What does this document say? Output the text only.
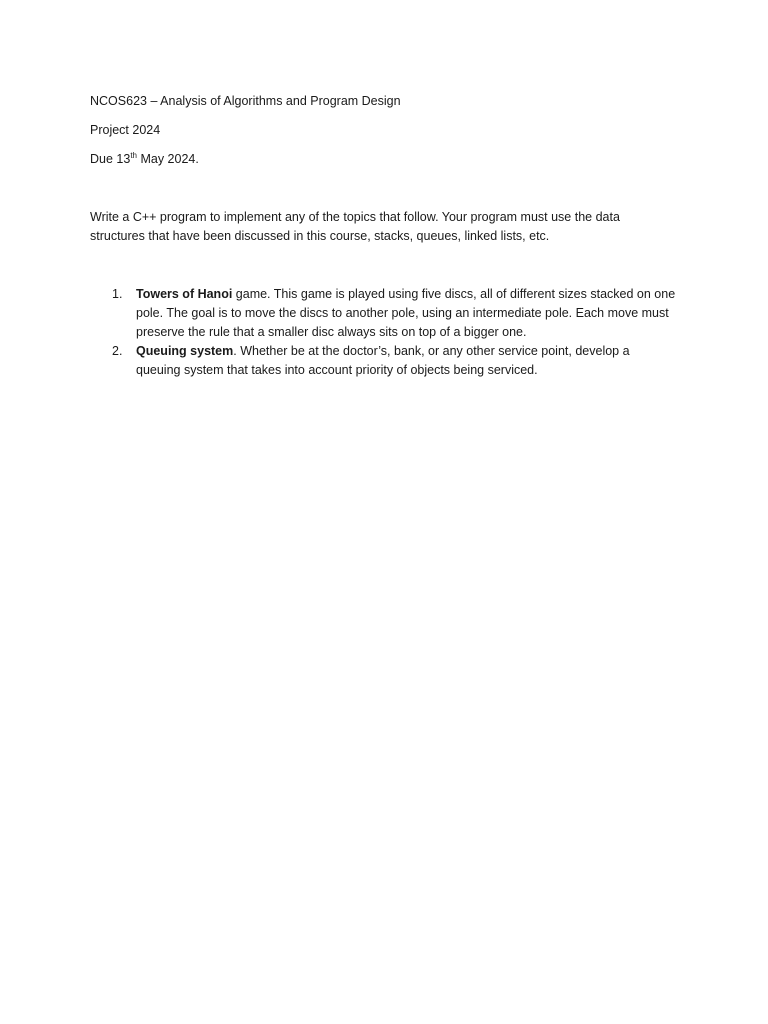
NCOS623 – Analysis of Algorithms and Program Design
Project 2024
Due 13th May 2024.
Write a C++ program to implement any of the topics that follow. Your program must use the data
structures that have been discussed in this course, stacks, queues, linked lists, etc.
1. Towers of Hanoi game. This game is played using five discs, all of different sizes stacked on one
pole. The goal is to move the discs to another pole, using an intermediate pole. Each move must
preserve the rule that a smaller disc always sits on top of a bigger one.
2. Queuing system. Whether be at the doctor’s, bank, or any other service point, develop a
queuing system that takes into account priority of objects being serviced.
